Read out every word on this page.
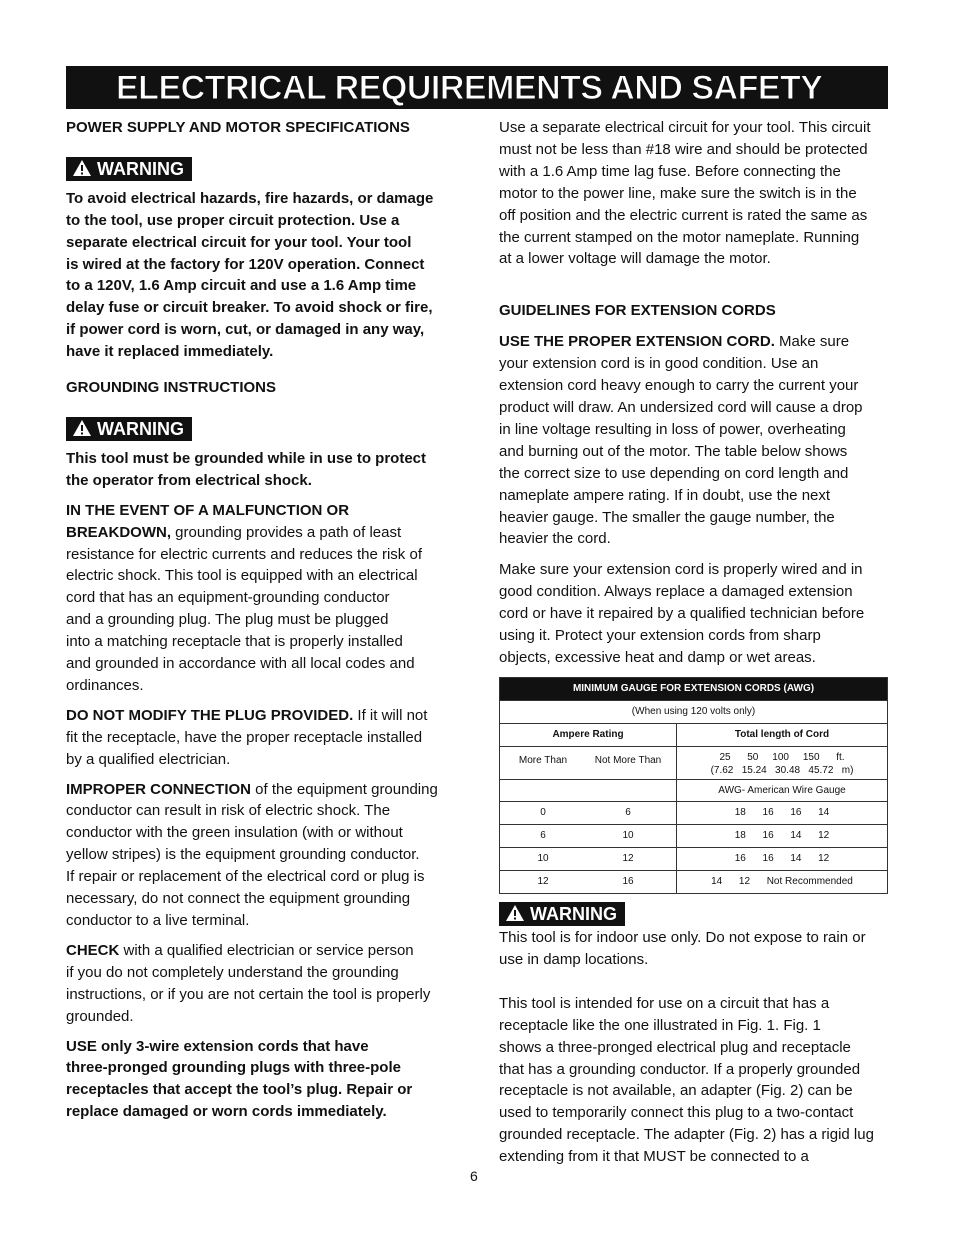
ELECTRICAL REQUIREMENTS AND SAFETY

POWER SUPPLY AND MOTOR SPECIFICATIONS

WARNING
To avoid electrical hazards, fire hazards, or damage
to the tool, use proper circuit protection. Use a
separate electrical circuit for your tool. Your tool
is wired at the factory for 120V operation. Connect
to a 120V, 1.6 Amp circuit and use a 1.6 Amp time
delay fuse or circuit breaker. To avoid shock or fire,
if power cord is worn, cut, or damaged in any way,
have it replaced immediately.

GROUNDING INSTRUCTIONS

WARNING
This tool must be grounded while in use to protect
the operator from electrical shock.
IN THE EVENT OF A MALFUNCTION OR
BREAKDOWN, grounding provides a path of least
resistance for electric currents and reduces the risk of
electric shock. This tool is equipped with an electrical
cord that has an equipment-grounding conductor
and a grounding plug. The plug must be plugged
into a matching receptacle that is properly installed
and grounded in accordance with all local codes and
ordinances.
DO NOT MODIFY THE PLUG PROVIDED. If it will not
fit the receptacle, have the proper receptacle installed
by a qualified electrician.
IMPROPER CONNECTION of the equipment grounding
conductor can result in risk of electric shock. The
conductor with the green insulation (with or without
yellow stripes) is the equipment grounding conductor.
If repair or replacement of the electrical cord or plug is
necessary, do not connect the equipment grounding
conductor to a live terminal.
CHECK with a qualified electrician or service person
if you do not completely understand the grounding
instructions, or if you are not certain the tool is properly
grounded.
USE only 3-wire extension cords that have
three-pronged grounding plugs with three-pole
receptacles that accept the tool’s plug. Repair or
replace damaged or worn cords immediately.
Use a separate electrical circuit for your tool. This circuit
must not be less than #18 wire and should be protected
with a 1.6 Amp time lag fuse. Before connecting the
motor to the power line, make sure the switch is in the
off position and the electric current is rated the same as
the current stamped on the motor nameplate. Running
at a lower voltage will damage the motor.

GUIDELINES FOR EXTENSION CORDS

USE THE PROPER EXTENSION CORD. Make sure
your extension cord is in good condition. Use an
extension cord heavy enough to carry the current your
product will draw. An undersized cord will cause a drop
in line voltage resulting in loss of power, overheating
and burning out of the motor. The table below shows
the correct size to use depending on cord length and
nameplate ampere rating. If in doubt, use the next
heavier gauge. The smaller the gauge number, the
heavier the cord.
Make sure your extension cord is properly wired and in
good condition. Always replace a damaged extension
cord or have it repaired by a qualified technician before
using it. Protect your extension cords from sharp
objects, excessive heat and damp or wet areas.
MINIMUM GAUGE FOR EXTENSION CORDS (AWG)	
(When using 120 volts only)	
Ampere Rating	Total length of Cord
More Than Not More Than	25      50     100     150      ft.
(7.62   15.24   30.48   45.72   m)

	AWG- American Wire Gauge
0 6	18      16      16      14
6 10	18      16      14      12
10 12	16      16      14      12
12 16	14      12      Not Recommended
WARNING
This tool is for indoor use only. Do not expose to rain or
use in damp locations.
This tool is intended for use on a circuit that has a
receptacle like the one illustrated in Fig. 1. Fig. 1
shows a three-pronged electrical plug and receptacle
that has a grounding conductor. If a properly grounded
receptacle is not available, an adapter (Fig. 2) can be
used to temporarily connect this plug to a two-contact
grounded receptacle. The adapter (Fig. 2) has a rigid lug
extending from it that MUST be connected to a
6
